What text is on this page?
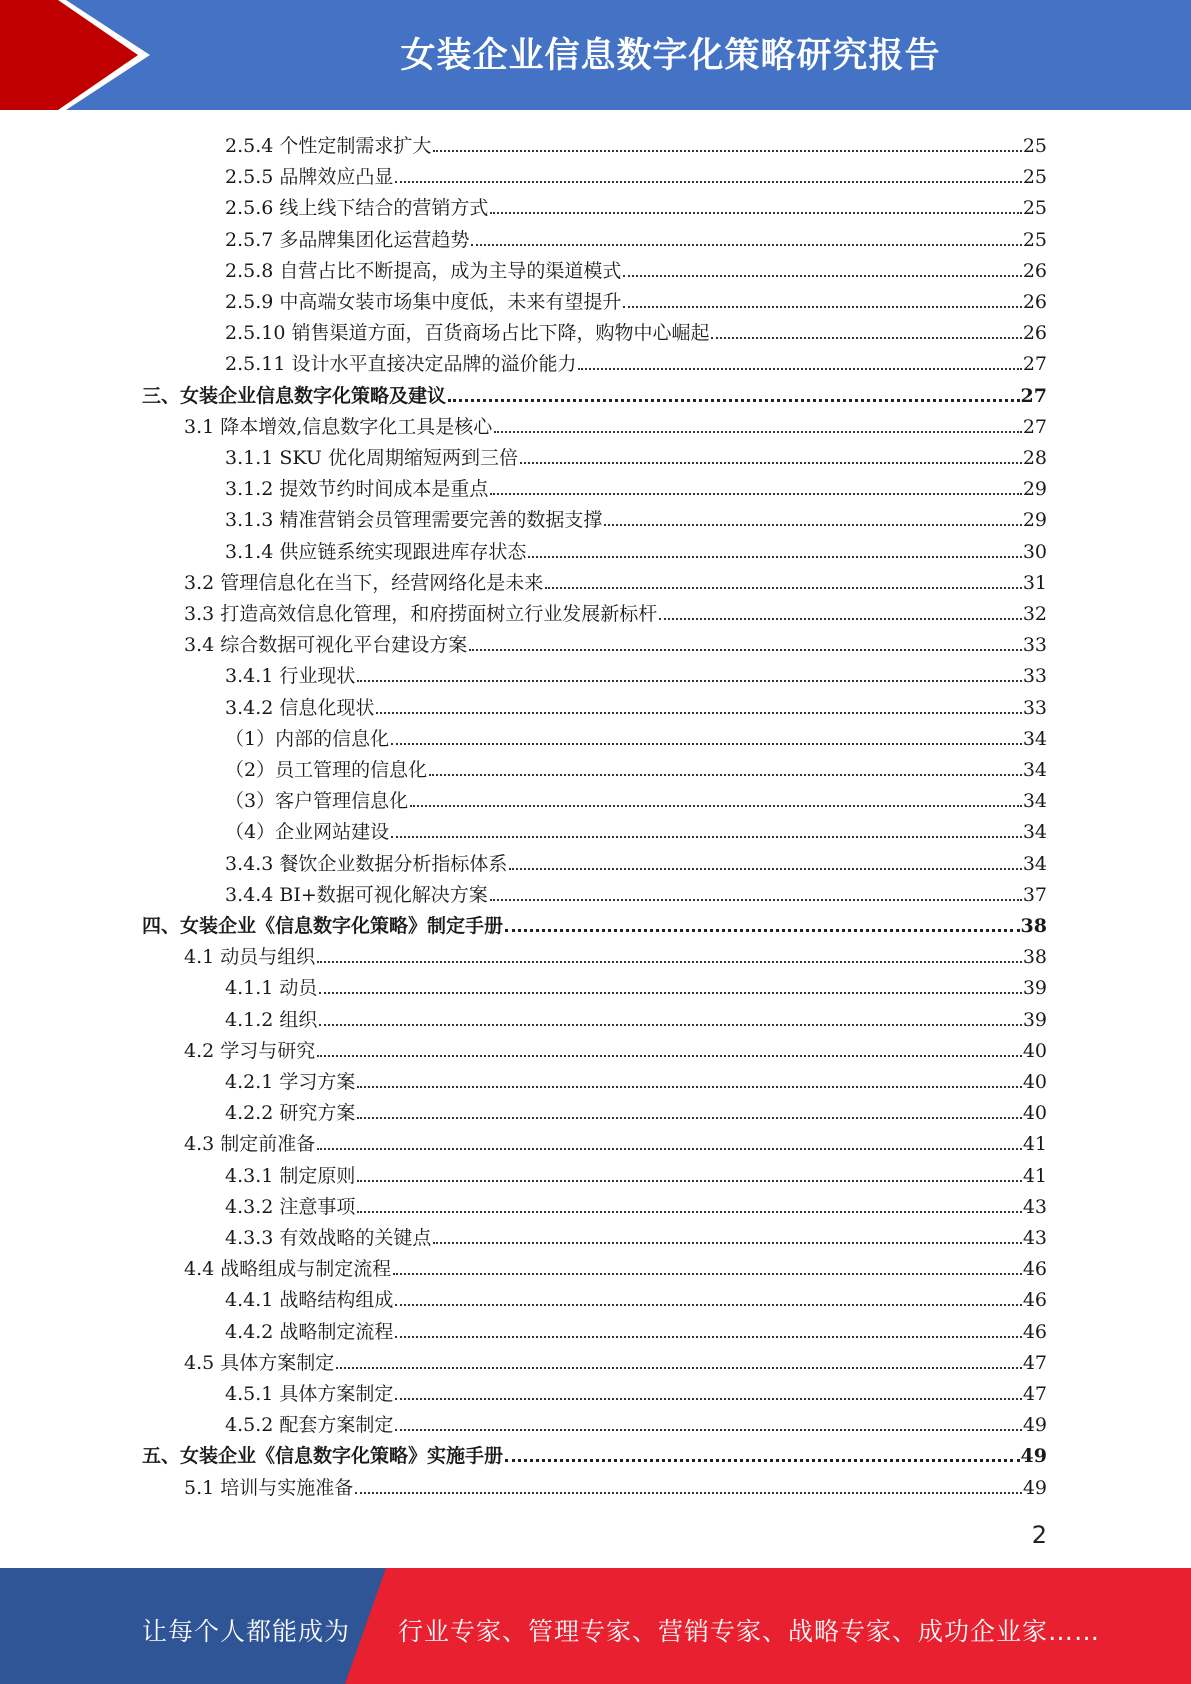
女装企业信息数字化策略研究报告
2.5.4 个性定制需求扩大	25
2.5.5 品牌效应凸显	25
2.5.6 线上线下结合的营销方式	25
2.5.7 多品牌集团化运营趋势	25
2.5.8 自营占比不断提高，成为主导的渠道模式	26
2.5.9 中高端女装市场集中度低，未来有望提升	26
2.5.10 销售渠道方面，百货商场占比下降，购物中心崛起	26
2.5.11 设计水平直接决定品牌的溢价能力	27
三、女装企业信息数字化策略及建议	27
3.1 降本增效,信息数字化工具是核心	27
3.1.1 SKU 优化周期缩短两到三倍	28
3.1.2 提效节约时间成本是重点	29
3.1.3 精准营销会员管理需要完善的数据支撑	29
3.1.4 供应链系统实现跟进库存状态	30
3.2 管理信息化在当下，经营网络化是未来	31
3.3 打造高效信息化管理，和府捞面树立行业发展新标杆	32
3.4 综合数据可视化平台建设方案	33
3.4.1 行业现状	33
3.4.2 信息化现状	33
（1）内部的信息化	34
（2）员工管理的信息化	34
（3）客户管理信息化	34
（4）企业网站建设	34
3.4.3 餐饮企业数据分析指标体系	34
3.4.4 BI+数据可视化解决方案	37
四、女装企业《信息数字化策略》制定手册	38
4.1 动员与组织	38
4.1.1 动员	39
4.1.2 组织	39
4.2 学习与研究	40
4.2.1 学习方案	40
4.2.2 研究方案	40
4.3 制定前准备	41
4.3.1 制定原则	41
4.3.2 注意事项	43
4.3.3 有效战略的关键点	43
4.4 战略组成与制定流程	46
4.4.1 战略结构组成	46
4.4.2 战略制定流程	46
4.5 具体方案制定	47
4.5.1 具体方案制定	47
4.5.2 配套方案制定	49
五、女装企业《信息数字化策略》实施手册	49
5.1 培训与实施准备	49
2
让每个人都能成为 行业专家、管理专家、营销专家、战略专家、成功企业家……
